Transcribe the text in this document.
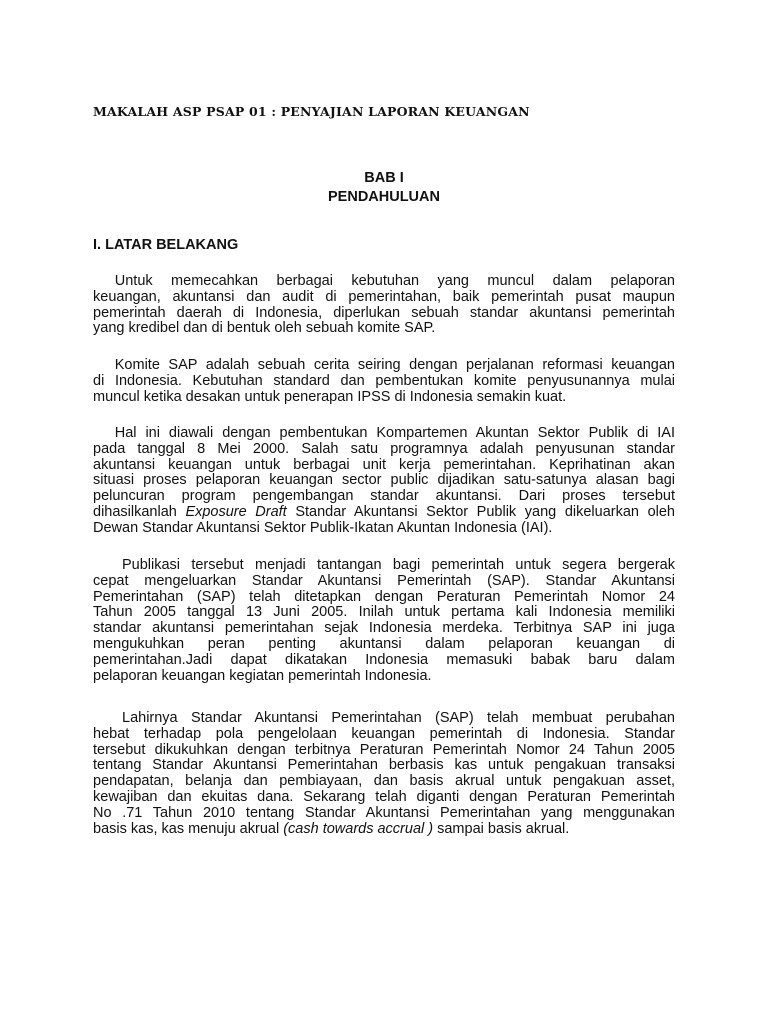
MAKALAH ASP PSAP 01 : PENYAJIAN LAPORAN KEUANGAN
BAB I
PENDAHULUAN
I. LATAR BELAKANG
   Untuk memecahkan berbagai kebutuhan yang muncul dalam pelaporan
keuangan, akuntansi dan audit di pemerintahan, baik pemerintah pusat maupun
pemerintah daerah di Indonesia, diperlukan sebuah standar akuntansi pemerintah
yang kredibel dan di bentuk oleh sebuah komite SAP.
   Komite SAP adalah sebuah cerita seiring dengan perjalanan reformasi keuangan
di Indonesia. Kebutuhan standard dan pembentukan komite penyusunannya mulai
muncul ketika desakan untuk penerapan IPSS di Indonesia semakin kuat.
   Hal ini diawali dengan pembentukan Kompartemen Akuntan Sektor Publik di IAI
pada tanggal 8 Mei 2000. Salah satu programnya adalah penyusunan standar
akuntansi keuangan untuk berbagai unit kerja pemerintahan. Keprihatinan akan
situasi proses pelaporan keuangan sector public dijadikan satu-satunya alasan bagi
peluncuran program pengembangan standar akuntansi. Dari proses tersebut
dihasilkanlah Exposure Draft Standar Akuntansi Sektor Publik yang dikeluarkan oleh
Dewan Standar Akuntansi Sektor Publik-Ikatan Akuntan Indonesia (IAI).
    Publikasi tersebut menjadi tantangan bagi pemerintah untuk segera bergerak
cepat mengeluarkan Standar Akuntansi Pemerintah (SAP). Standar Akuntansi
Pemerintahan (SAP) telah ditetapkan dengan Peraturan Pemerintah Nomor 24
Tahun 2005 tanggal 13 Juni 2005. Inilah untuk pertama kali Indonesia memiliki
standar akuntansi pemerintahan sejak Indonesia merdeka. Terbitnya SAP ini juga
mengukuhkan peran penting akuntansi dalam pelaporan keuangan di
pemerintahan.Jadi dapat dikatakan Indonesia memasuki babak baru dalam
pelaporan keuangan kegiatan pemerintah Indonesia.
    Lahirnya Standar Akuntansi Pemerintahan (SAP) telah membuat perubahan
hebat terhadap pola pengelolaan keuangan pemerintah di Indonesia. Standar
tersebut dikukuhkan dengan terbitnya Peraturan Pemerintah Nomor 24 Tahun 2005
tentang Standar Akuntansi Pemerintahan berbasis kas untuk pengakuan transaksi
pendapatan, belanja dan pembiayaan, dan basis akrual untuk pengakuan asset,
kewajiban dan ekuitas dana. Sekarang telah diganti dengan Peraturan Pemerintah
No .71 Tahun 2010 tentang Standar Akuntansi Pemerintahan yang menggunakan
basis kas, kas menuju akrual (cash towards accrual ) sampai basis akrual.
